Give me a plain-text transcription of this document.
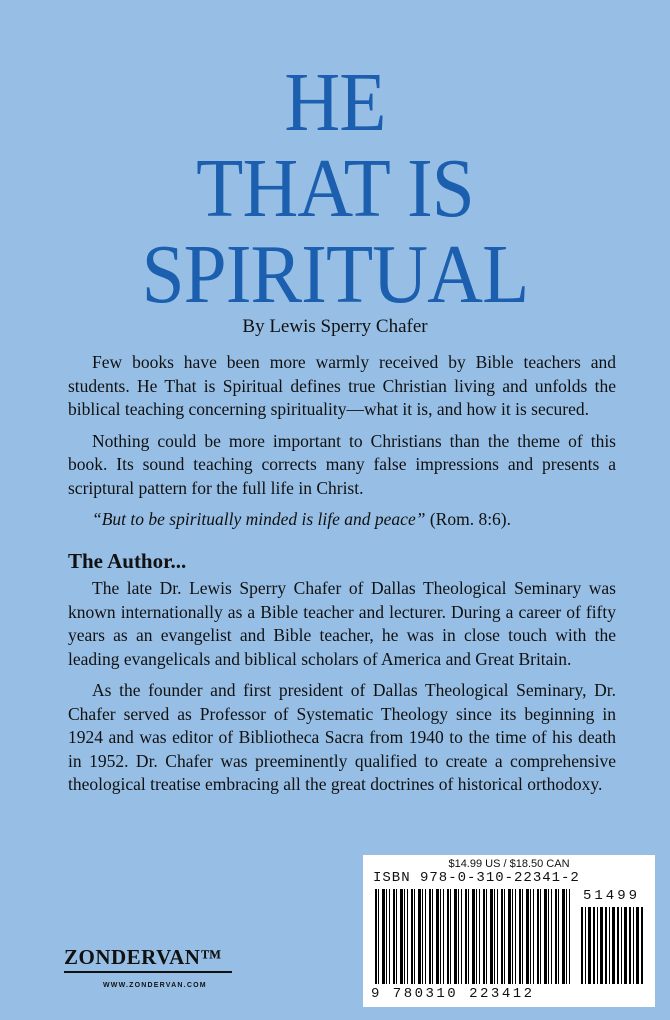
HE
THAT IS
SPIRITUAL
By Lewis Sperry Chafer

Few books have been more warmly received by Bible teachers and students. He That is Spiritual defines true Christian living and unfolds the biblical teaching concerning spirituality—what it is, and how it is secured.

Nothing could be more important to Christians than the theme of this book. Its sound teaching corrects many false impressions and presents a scriptural pattern for the full life in Christ.

“But to be spiritually minded is life and peace” (Rom. 8:6).

The Author...

The late Dr. Lewis Sperry Chafer of Dallas Theological Seminary was known internationally as a Bible teacher and lecturer. During a career of fifty years as an evangelist and Bible teacher, he was in close touch with the leading evangelicals and biblical scholars of America and Great Britain.

As the founder and first president of Dallas Theological Seminary, Dr. Chafer served as Professor of Systematic Theology since its beginning in 1924 and was editor of Bibliotheca Sacra from 1940 to the time of his death in 1952. Dr. Chafer was preeminently qualified to create a comprehensive theological treatise embracing all the great doctrines of historical orthodoxy.

$14.99 US / $18.50 CAN
ISBN 978-0-310-22341-2
51499
9 780310 223412
ZONDERVAN™
WWW.ZONDERVAN.COM
